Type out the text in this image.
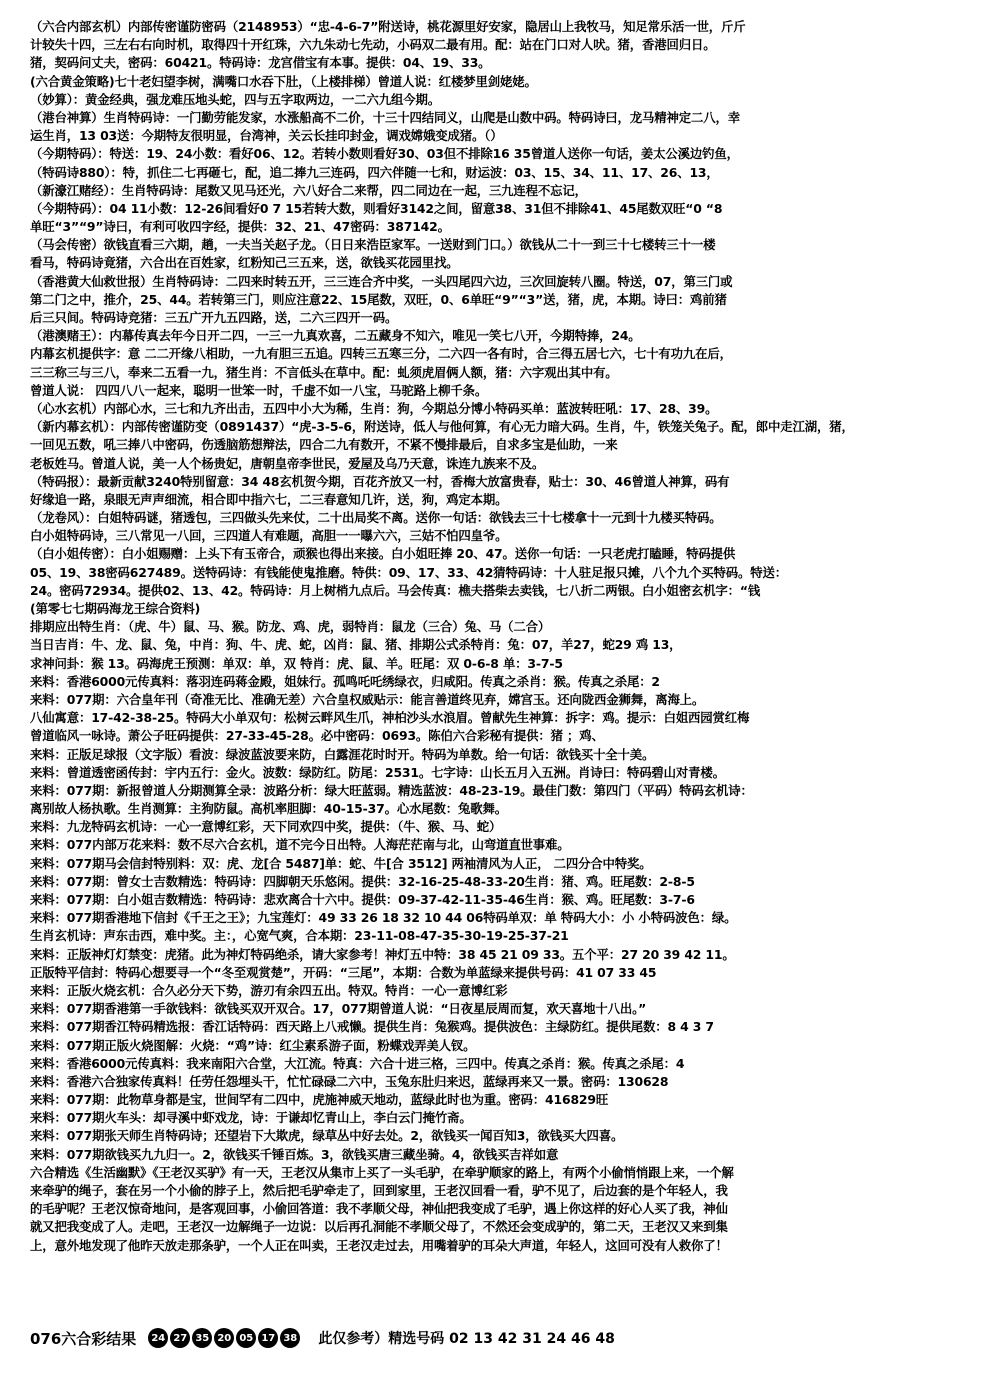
（六合内部玄机）内部传密谨防密码（2148953）“忠-4-6-7”附送诗，桃花源里好安家，隐居山上我牧马，知足常乐活一世，斤斤
计较失十四，三左右右向时机，取得四十开红珠，六九朱动七先动，小码双二最有用。配：站在门口对人吠。猪，香港回归日。
猪，契码问丈夫，密码：60421。特码诗：龙宫借宝有本事。提供：04、19、33。
(六合黄金策略)七十老妇望李树，满嘴口水吞下肚，（上楼排梯）曾道人说：红楼梦里剑姥姥。
（妙算）：黄金经典，强龙难压地头蛇，四与五字取两边，一二六九组今期。
（港台神算）生肖特码诗：一门勤劳能发家，水涨船高不二价，十三十四结同义，山爬是山数中码。特码诗曰，龙马精神定二八，幸
运生肖，13 03送：今期特友很明显，台湾神，关云长挂印封金，调戏嫦娥变成猪。（）
（今期特码）：特送：19、24小数：看好06、12。若转小数则看好30、03但不排除16 35曾道人送你一句话，姜太公溪边钓鱼，
（特码诗880）：特，抓住二七再砸七，配，追二捧九三连码，四六伴随一七和，财运波：03、15、34、11、17、26、13，
（新濠江赌经）：生肖特码诗：尾数又见马还光，六八好合二来帮，四二同边在一起，三九连程不忘记，
（今期特码）：04 11小数：12-26间看好0 7 15若转大数，则看好3142之间，留意38、31但不排除41、45尾数双旺“0 “8
单旺“3”“9”诗曰，有利可收四字经，提供：32、21、47密码：387142。
（马会传密）欲钱直看三六期，趟，一夫当关赵子龙。（日日来浩臣家军。一送财到门口。）欲钱从二十一到三十七楼转三十一楼
看马，特码诗竟猪，六合出在百姓家，红粉知己三五来，送，欲钱买花园里找。
（香港黄大仙救世报）生肖特码诗：二四来时转五开，三三连合齐中奖，一头四尾四六边，三次回旋转八圈。特送，07，第三门或
第二门之中，推介，25、44。若转第三门，则应注意22、15尾数，双旺，0、6单旺“9”“3”送，猪，虎，本期。诗曰：鸡前猪
后三只间。特码诗竞猪：三五广开九五四路，送，二六三四开一码。
（港澳赌王）：内幕传真去年今日开二四，一三一九真欢喜，二五藏身不知六，唯见一笑七八开，今期特捧，24。
内幕玄机提供字：意 二二开缘八相助，一九有胆三五追。四转三五寒三分，二六四一各有时，合三得五居七六，七十有功九在后，
三三称三与三八，奉来二五看一九，猪生肖：不言低头在草中。配：虬须虎眉俩人额，猪：六字观出其中有。
曾道人说： 四四八八一起来，聪明一世笨一时，千虚不如一八宝，马驼路上柳千条。
（心水玄机）内部心水，三七和九齐出击，五四中小大为稀，生肖：狗，今期总分博小特码买单：蓝波转旺吼：17、28、39。
（新内幕玄机）：内部传密谨防变（0891437）“虎-3-5-6，附送诗，低人与他何算，有心无力暗大码。生肖，牛，铁笼关兔子。配，郎中走江湖，猪，
一回见五数，吼三捧八中密码，伤透脑筋想辩法，四合二九有数开，不紧不慢排最后，自求多宝是仙助，一来
老板姓马。曾道人说，美一人个杨贵妃，唐朝皇帝李世民，爱屋及乌乃天意，诛连九族来不及。
（特码报）：最新贡献3240特别留意：34 48玄机贺今期，百花齐放又一村，香梅大放富贵春，贴士：30、46曾道人神算，码有
好缘追一路，泉眼无声声细流，相合即中指六七，二三春意知几许，送，狗，鸡定本期。
（龙卷风）：白姐特码谜，猪透包，三四做头先来仗，二十出局奖不离。送你一句话：欲钱去三十七楼拿十一元到十九楼买特码。
白小姐特码诗，三八常见一八回，三四道人有难题，高胆一一曝六六，三姑不怕四皇爷。
（白小姐传密）：白小姐赐赠：上头下有玉帝合，顽猴也得出来接。白小姐旺捧 20、47。送你一句话：一只老虎打瞌睡，特码提供
05、19、38密码627489。送特码诗：有钱能使鬼推磨。特供：09、17、33、42猜特码诗：十人驻足报只摊，八个九个买特码。特送：
24。密码72934。提供02、13、42。特码诗：月上树梢九点后。马会传真：樵夫搭柴去卖钱，七八折二两银。白小姐密玄机字：“钱
(第零七七期码海龙王综合资料)
排期应出特生肖：（虎、牛）鼠、马、猴。防龙、鸡、虎，弱特肖：鼠龙（三合）兔、马（二合）
当日吉肖：牛、龙、鼠、兔，中肖：狗、牛、虎、蛇，凶肖：鼠、猪、排期公式杀特肖：兔：07，羊27，蛇29 鸡 13，
求神问卦：猴 13。码海虎王预测：单双：单，双 特肖：虎、鼠、羊。旺尾：双 0-6-8 单：3-7-5
来料：香港6000元传真料：落羽连码蒋金殿，姐妹行。孤鸣吒吒绣绿衣，归咸阳。传真之杀肖：猴。传真之杀尾：2
来料：077期：六合皇年刊（奇准无比、准确无差）六合皇权威贴示：能言善道终见弃，嫦宫玉。还向陇西金狮舞，离海上。
八仙寓意：17-42-38-25。特码大小单双句：松树云畔风生爪，神柏沙头水浪眉。曾献先生神算：拆字：鸡。提示：白姐西园赏红梅
曾道临风一咏诗。萧公子旺码提供：27-33-45-28。必中密码：0693。陈伯六合彩秘有提供：猪 ；鸡、
来料：正版足球报（文字版）看波：绿波蓝波要来防，白露涯花时时开。特码为单数。给一句话：欲钱买十全十美。
来料：曾道透密函传封：宇内五行：金火。波数：绿防红。防尾：2531。七字诗：山长五月入五洲。肖诗曰：特码碧山对青楼。
来料：077期：新报曾道人分期测算全录：波路分析：绿大旺蓝弱。精选蓝波：48-23-19。最佳门数：第四门（平码）特码玄机诗：
离别故人杨执歌。生肖测算：主狗防鼠。高机率胆脚：40-15-37。心水尾数：兔歌舞。
来料：九龙特码玄机诗：一心一意博红彩，天下同欢四中奖，提供：（牛、猴、马、蛇）
来料：077内部万花来料：数不尽六合玄机，道不完今日出特。人海茫茫南与北，山弯道直世事难。
来料：077期马会信封特别料：双：虎、龙[合 5487]单：蛇、牛[合 3512] 两袖清风为人正， 二四分合中特奖。
来料：077期：曾女士吉数精选：特码诗：四脚朝天乐悠闲。提供：32-16-25-48-33-20生肖：猪、鸡。旺尾数：2-8-5
来料：077期：白小姐吉数精选：特码诗：悲欢离合十六中。提供：09-37-42-11-35-46生肖：猴、鸡。旺尾数：3-7-6
来料：077期香港地下信封《千王之王》；九宝莲灯：49 33 26 18 32 10 44 06特码单双：单 特码大小：小 小特码波色：绿。
生肖玄机诗：声东击西，难中奖。主：，心宽气爽，合本期：23-11-08-47-35-30-19-25-37-21
来料：正版神灯灯禁变：虎猪。此为神灯特码绝杀，请大家参考！神灯五中特：38 45 21 09 33。五个平：27 20 39 42 11。
正版特平信封：特码心想要寻一个“冬至观赏楚”，开码：“三尾”，本期：合数为单蓝绿来提供号码：41 07 33 45
来料：正版火烧玄机：合久必分天下势，游刃有余四五出。特双。特肖：一心一意博红彩
来料：077期香港第一手欲钱料：欲钱买双开双合。17，077期曾道人说：“日夜星辰周而复，欢天喜地十八出。”
来料：077期香江特码精选报：香江话特码：西天路上八戒懒。提供生肖：兔猴鸡。提供波色：主绿防红。提供尾数：8 4 3 7
来料：077期正版火烧图解：火烧：“鸡”诗：红尘素系游子面，粉蝶戏弄美人钗。
来料：香港6000元传真料：我来南阳六合堂，大江流。特真：六合十进三格，三四中。传真之杀肖：猴。传真之杀尾：4
来料：香港六合独家传真料！任劳任怨埋头干，忙忙碌碌二六中，玉兔东肚归来迟，蓝绿再来又一景。密码：130628
来料：077期：此物草身都是宝，世间罕有二四中，虎施神威天地动，蓝绿此时也为重。密码：416829旺
来料：077期火车头：却寻溪中虾戏龙，诗：于谦却忆青山上，李白云门掩竹斋。
来料：077期张天师生肖特码诗；还望岩下大欺虎，绿草丛中好去处。2，欲钱买一闻百知3，欲钱买大四喜。
来料：077期欲钱买九九归一。2，欲钱买千锤百炼。3，欲钱买唐三藏坐骑。4，欲钱买吉祥如意
六合精选《生活幽默》《王老汉买驴》有一天，王老汉从集市上买了一头毛驴，在牵驴顺家的路上，有两个小偷悄悄跟上来，一个解
来牵驴的绳子，套在另一个小偷的脖子上，然后把毛驴牵走了，回到家里，王老汉回看一看，驴不见了，后边套的是个年轻人，我
的毛驴呢？王老汉惊奇地问，是客观回事，小偷回答道：我不孝顺父母，神仙把我变成了毛驴，遇上你这样的好心人买了我，神仙
就又把我变成了人。走吧，王老汉一边解绳子一边说：以后再孔洞能不孝顺父母了，不然还会变成驴的，第二天，王老汉又来到集
上，意外地发现了他昨天放走那条驴，一个人正在叫卖，王老汉走过去，用嘴着驴的耳朵大声道，年轻人，这回可没有人救你了！
076六合彩结果	24 27 35 20 05 17 38 此仅参考）精选号码 02 13 42 31 24 46 48
